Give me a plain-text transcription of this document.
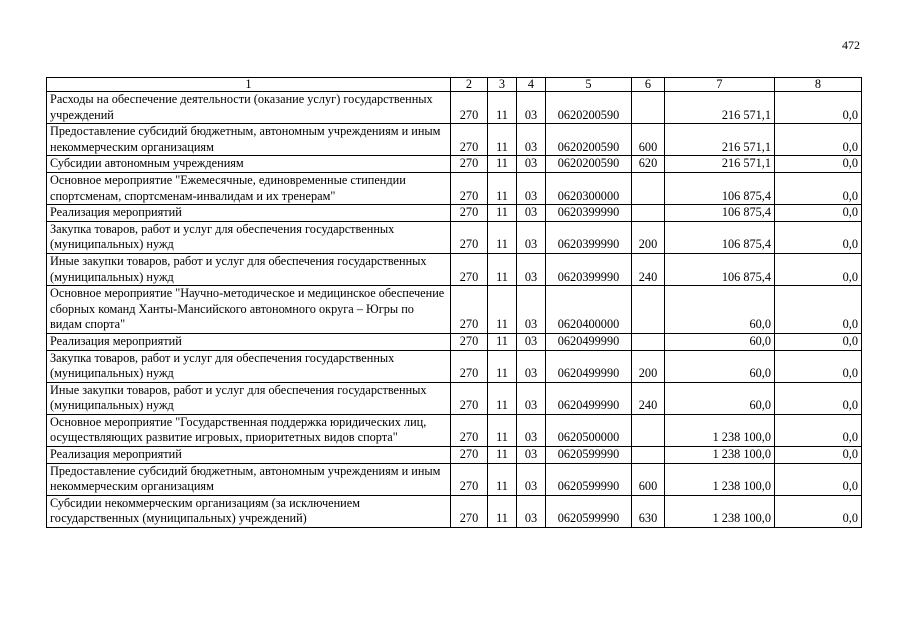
472
1	2	3	4	5	6	7	8
Расходы на обеспечение деятельности (оказание услуг) государственных учреждений	270	11	03	0620200590		216 571,1	0,0
Предоставление субсидий бюджетным, автономным учреждениям и иным некоммерческим организациям	270	11	03	0620200590	600	216 571,1	0,0
Субсидии автономным учреждениям	270	11	03	0620200590	620	216 571,1	0,0
Основное мероприятие "Ежемесячные, единовременные стипендии спортсменам, спортсменам-инвалидам и их тренерам"	270	11	03	0620300000		106 875,4	0,0
Реализация мероприятий	270	11	03	0620399990		106 875,4	0,0
Закупка товаров, работ и услуг для обеспечения государственных (муниципальных) нужд	270	11	03	0620399990	200	106 875,4	0,0
Иные закупки товаров, работ и услуг для обеспечения государственных (муниципальных) нужд	270	11	03	0620399990	240	106 875,4	0,0
Основное мероприятие "Научно-методическое и медицинское обеспечение сборных команд Ханты-Мансийского автономного округа – Югры по видам спорта"	270	11	03	0620400000		60,0	0,0
Реализация мероприятий	270	11	03	0620499990		60,0	0,0
Закупка товаров, работ и услуг для обеспечения государственных (муниципальных) нужд	270	11	03	0620499990	200	60,0	0,0
Иные закупки товаров, работ и услуг для обеспечения государственных (муниципальных) нужд	270	11	03	0620499990	240	60,0	0,0
Основное мероприятие "Государственная поддержка юридических лиц, осуществляющих развитие игровых, приоритетных видов спорта"	270	11	03	0620500000		1 238 100,0	0,0
Реализация мероприятий	270	11	03	0620599990		1 238 100,0	0,0
Предоставление субсидий бюджетным, автономным учреждениям и иным некоммерческим организациям	270	11	03	0620599990	600	1 238 100,0	0,0
Субсидии некоммерческим организациям (за исключением государственных (муниципальных) учреждений)	270	11	03	0620599990	630	1 238 100,0	0,0
